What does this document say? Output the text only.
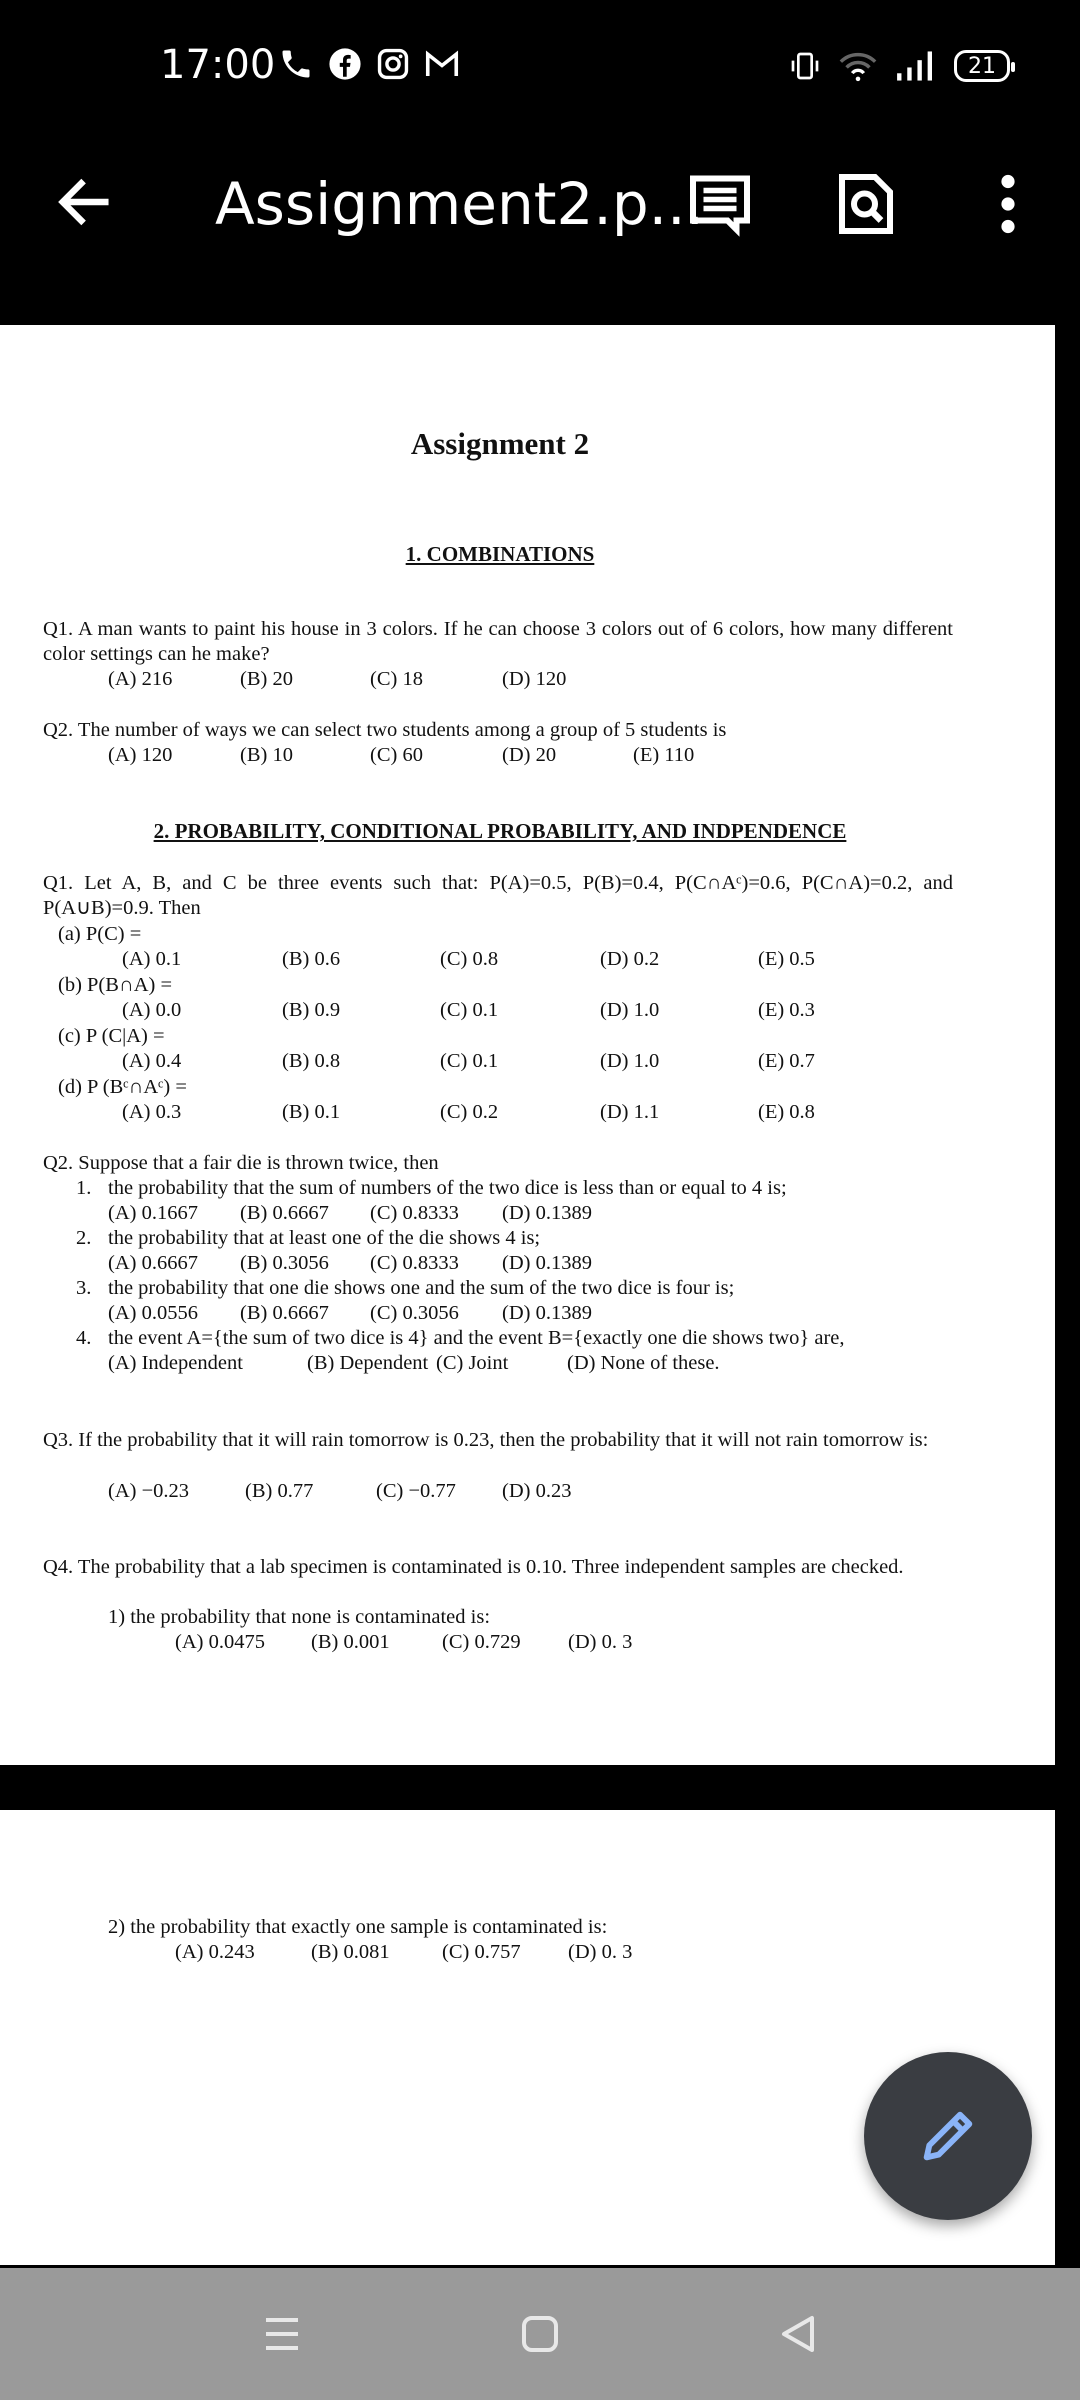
17:00	21
Assignment2.p...
Assignment 2
1. COMBINATIONS
Q1. A man wants to paint his house in 3 colors. If he can choose 3 colors out of 6 colors, how many different color settings can he make?
(A) 216	(B) 20	(C) 18	(D) 120
Q2. The number of ways we can select two students among a group of 5 students is
(A) 120	(B) 10	(C) 60	(D) 20	(E) 110
2. PROBABILITY, CONDITIONAL PROBABILITY, AND INDPENDENCE
Q1. Let A, B, and C be three events such that: P(A)=0.5, P(B)=0.4, P(C∩Aᶜ)=0.6, P(C∩A)=0.2, and P(A∪B)=0.9. Then
(a) P(C) =
(A) 0.1	(B) 0.6	(C) 0.8	(D) 0.2	(E) 0.5
(b) P(B∩A) =
(A) 0.0	(B) 0.9	(C) 0.1	(D) 1.0	(E) 0.3
(c) P (C|A) =
(A) 0.4	(B) 0.8	(C) 0.1	(D) 1.0	(E) 0.7
(d) P (Bᶜ∩Aᶜ) =
(A) 0.3	(B) 0.1	(C) 0.2	(D) 1.1	(E) 0.8
Q2. Suppose that a fair die is thrown twice, then
1. the probability that the sum of numbers of the two dice is less than or equal to 4 is;
(A) 0.1667 (B) 0.6667 (C) 0.8333 (D) 0.1389
2. the probability that at least one of the die shows 4 is;
(A) 0.6667 (B) 0.3056 (C) 0.8333 (D) 0.1389
3. the probability that one die shows one and the sum of the two dice is four is;
(A) 0.0556 (B) 0.6667 (C) 0.3056 (D) 0.1389
4. the event A={the sum of two dice is 4} and the event B={exactly one die shows two} are,
(A) Independent	(B) Dependent (C) Joint	(D) None of these.
Q3. If the probability that it will rain tomorrow is 0.23, then the probability that it will not rain tomorrow is:
(A) −0.23	(B) 0.77	(C) −0.77 (D) 0.23
Q4. The probability that a lab specimen is contaminated is 0.10. Three independent samples are checked.
1) the probability that none is contaminated is:
(A) 0.0475 (B) 0.001	(C) 0.729 (D) 0. 3
2) the probability that exactly one sample is contaminated is:
(A) 0.243	(B) 0.081	(C) 0.757 (D) 0. 3
